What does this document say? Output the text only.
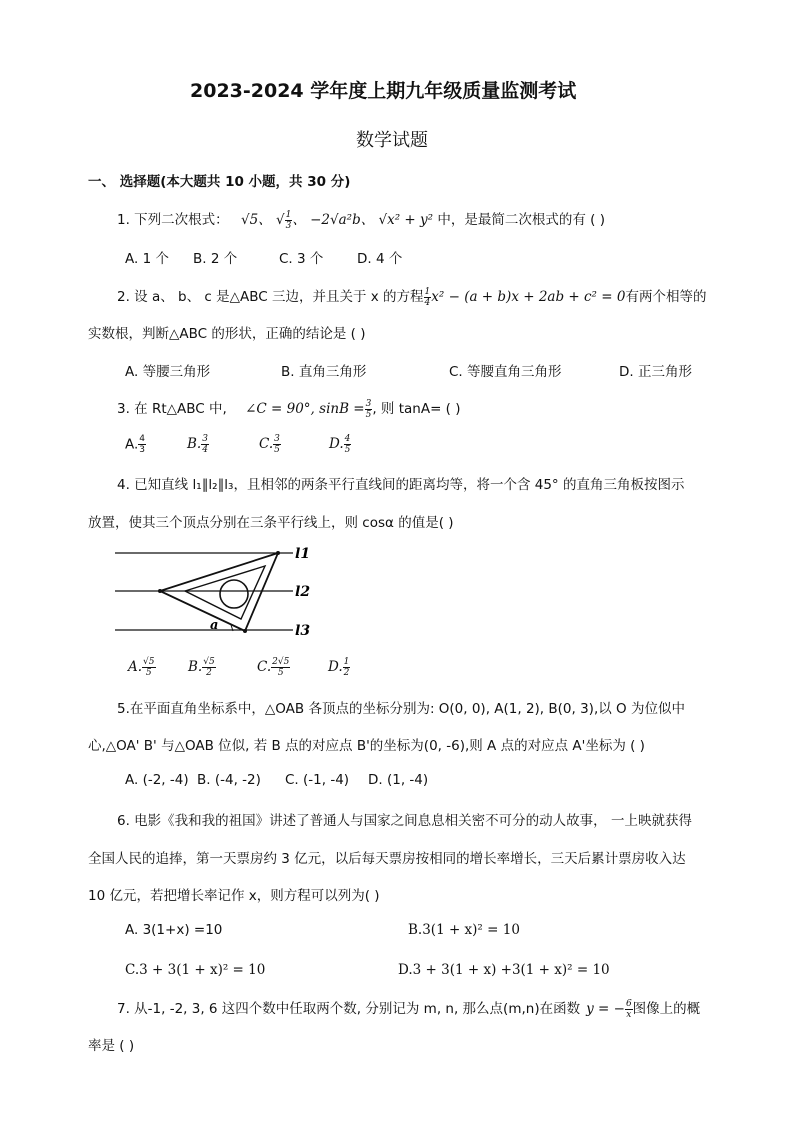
2023-2024 学年度上期九年级质量监测考试
数学试题
一、 选择题(本大题共 10 小题，共 30 分)
1. 下列二次根式： √5、 √ $\frac{1}{3}$ 、 −2√a²b、 √x² + y² 中，是最简二次根式的有 ( )
A. 1 个 B. 2 个	C. 3 个 D. 4 个
2. 设 a、 b、 c 是△ABC 三边，并且关于 x 的方程 $\frac{1}{4} x^2 - (a + b)x + 2ab + c^2 = 0$有两个相等的
实数根，判断△ABC 的形状，正确的结论是 ( )
A. 等腰三角形	B. 直角三角形	C. 等腰直角三角形	D. 正三角形
3. 在 Rt△ABC 中, ∠C = 90°, $\sin B = \frac{3}{5}$ , 则 tanA= ( )
A. $\frac{4}{3}$	B. $\frac{3}{4}$	C. $\frac{3}{5}$	D. $\frac{4}{5}$
4. 已知直线 l₁∥l₂∥l₃，且相邻的两条平行直线间的距离均等，将一个含 45° 的直角三角板按图示
放置，使其三个顶点分别在三条平行线上，则 cosα 的值是( )
a
l1
l2
l3
A. $\frac{√5}{5} B$. $\frac{√5}{2}$	C. $\frac{2√5}{5}$	D. $\frac{1}{2}$
5.在平面直角坐标系中，△OAB 各顶点的坐标分别为: O(0, 0), A(1, 2), B(0, 3),以 O 为位似中
心,△OA' B' 与△OAB 位似, 若 B 点的对应点 B'的坐标为(0, -6),则 A 点的对应点 A'坐标为 ( )
A. (-2, -4) B. (-4, -2) C. (-1, -4) D. (1, -4)
6. 电影《我和我的祖国》讲述了普通人与国家之间息息相关密不可分的动人故事， 一上映就获得
全国人民的追捧，第一天票房约 3 亿元，以后每天票房按相同的增长率增长，三天后累计票房收入达
10 亿元，若把增长率记作 x，则方程可以列为( )
A. 3(1+x) =10	B.3(1 + x)² = 10
C.3 + 3(1 + x)² = 10	D.3 + 3(1 + x) +3(1 + x)² = 10
7. 从-1, -2, 3, 6 这四个数中任取两个数, 分别记为 m, n, 那么点(m,n)在函数 y = − $\frac{6}{x}$ 图像上的概
率是 ( )
